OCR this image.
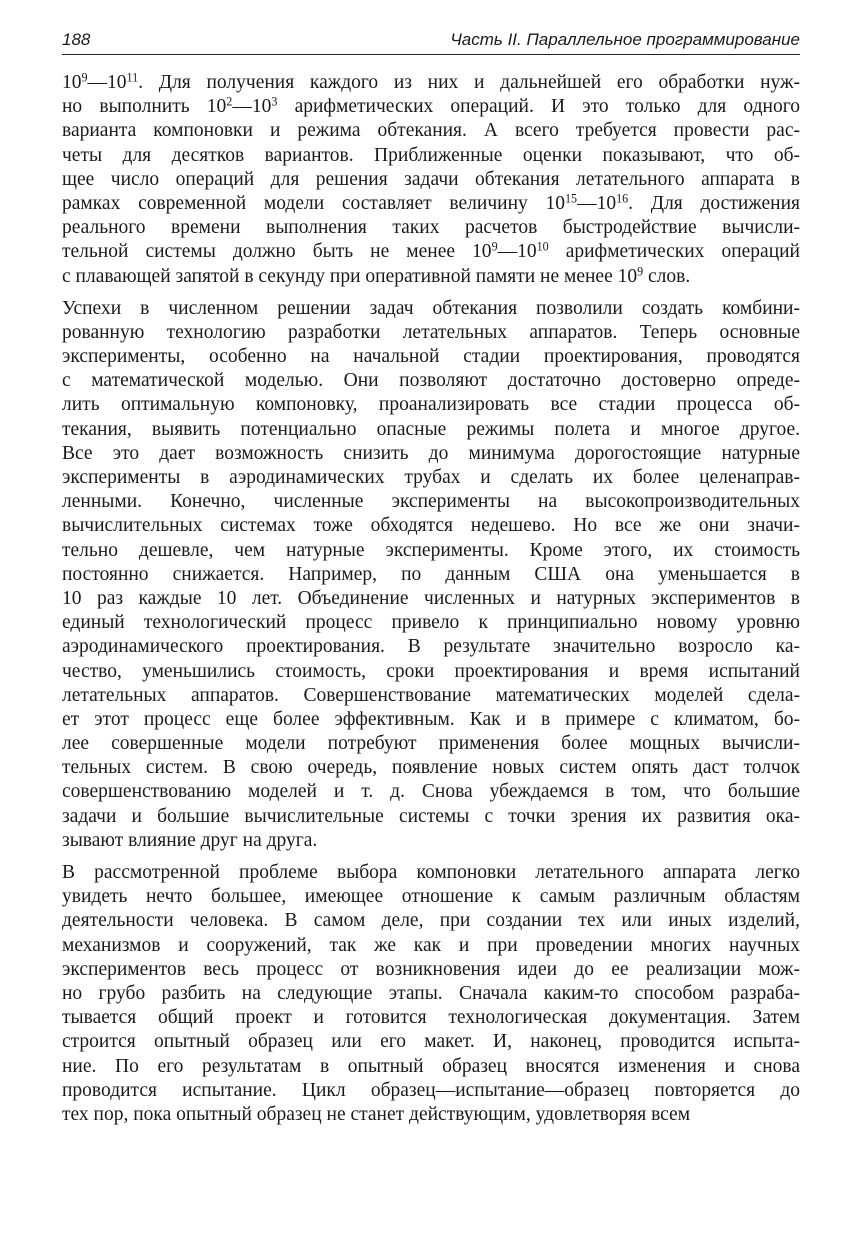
188	Часть II. Параллельное программирование
$10^9—10^{11}$. Для получения каждого из них и дальнейшей его обработки нуж-
но выполнить $10^2—10^3$ арифметических операций. И это только для одного
варианта компоновки и режима обтекания. А всего требуется провести рас-
четы для десятков вариантов. Приближенные оценки показывают, что об-
щее число операций для решения задачи обтекания летательного аппарата в
рамках современной модели составляет величину $10^{15}—10^{16}$. Для достижения
реального времени выполнения таких расчетов быстродействие вычисли-
тельной системы должно быть не менее $10^9—10^{10}$ арифметических операций
с плавающей запятой в секунду при оперативной памяти не менее $10^9$ слов.
Успехи в численном решении задач обтекания позволили создать комбини-
рованную технологию разработки летательных аппаратов. Теперь основные
эксперименты, особенно на начальной стадии проектирования, проводятся
с математической моделью. Они позволяют достаточно достоверно опреде-
лить оптимальную компоновку, проанализировать все стадии процесса об-
текания, выявить потенциально опасные режимы полета и многое другое.
Все это дает возможность снизить до минимума дорогостоящие натурные
эксперименты в аэродинамических трубах и сделать их более целенаправ-
ленными. Конечно, численные эксперименты на высокопроизводительных
вычислительных системах тоже обходятся недешево. Но все же они значи-
тельно дешевле, чем натурные эксперименты. Кроме этого, их стоимость
постоянно снижается. Например, по данным США она уменьшается в
10 раз каждые 10 лет. Объединение численных и натурных экспериментов в
единый технологический процесс привело к принципиально новому уровню
аэродинамического проектирования. В результате значительно возросло ка-
чество, уменьшились стоимость, сроки проектирования и время испытаний
летательных аппаратов. Совершенствование математических моделей сдела-
ет этот процесс еще более эффективным. Как и в примере с климатом, бо-
лее совершенные модели потребуют применения более мощных вычисли-
тельных систем. В свою очередь, появление новых систем опять даст толчок
совершенствованию моделей и т. д. Снова убеждаемся в том, что большие
задачи и большие вычислительные системы с точки зрения их развития ока-
зывают влияние друг на друга.
В рассмотренной проблеме выбора компоновки летательного аппарата легко
увидеть нечто большее, имеющее отношение к самым различным областям
деятельности человека. В самом деле, при создании тех или иных изделий,
механизмов и сооружений, так же как и при проведении многих научных
экспериментов весь процесс от возникновения идеи до ее реализации мож-
но грубо разбить на следующие этапы. Сначала каким-то способом разраба-
тывается общий проект и готовится технологическая документация. Затем
строится опытный образец или его макет. И, наконец, проводится испыта-
ние. По его результатам в опытный образец вносятся изменения и снова
проводится испытание. Цикл образец—испытание—образец повторяется до
тех пор, пока опытный образец не станет действующим, удовлетворяя всем
